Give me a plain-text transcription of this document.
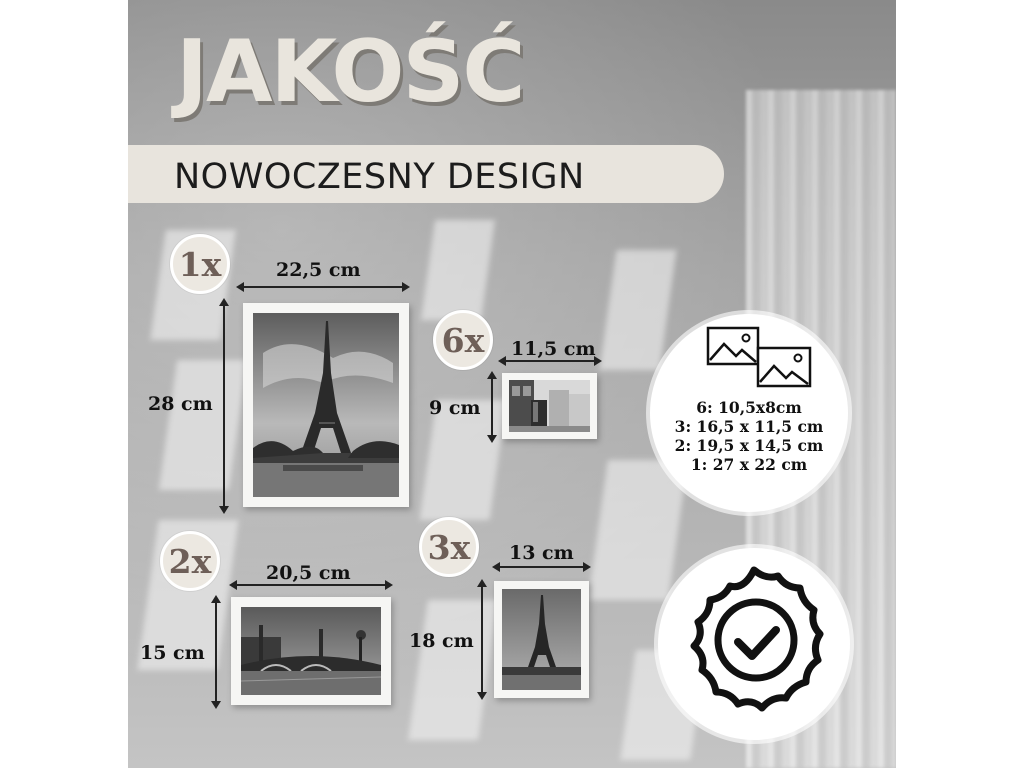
JAKOŚĆ
NOWOCZESNY DESIGN
1x	22,5 cm
28 cm
6x	11,5 cm
9 cm
2x	20,5 cm
15 cm
3x	13 cm
18 cm
6: 10,5x8cm
3: 16,5 x 11,5 cm
2: 19,5 x 14,5 cm
1: 27 x 22 cm
